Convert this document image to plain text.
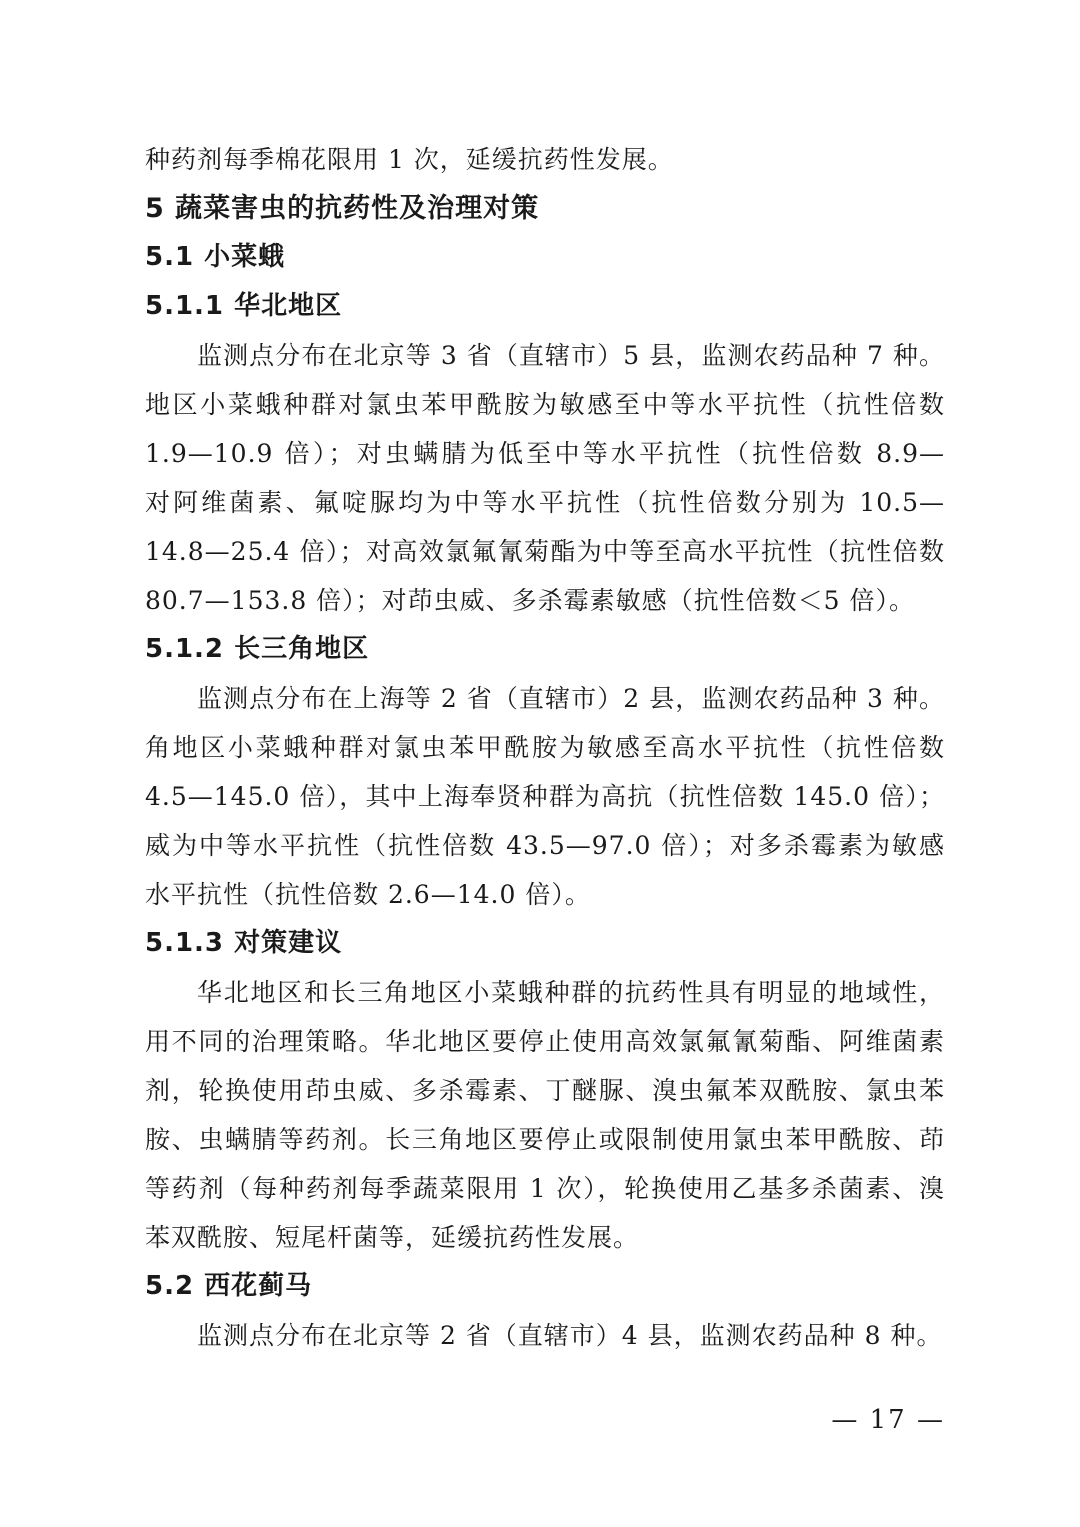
种药剂每季棉花限用 1 次，延缓抗药性发展。
5 蔬菜害虫的抗药性及治理对策
5.1 小菜蛾
5.1.1 华北地区
监测点分布在北京等 3 省（直辖市）5 县，监测农药品种 7 种。
地区小菜蛾种群对氯虫苯甲酰胺为敏感至中等水平抗性（抗性倍数
1.9—10.9 倍）；对虫螨腈为低至中等水平抗性（抗性倍数 8.9—
对阿维菌素、氟啶脲均为中等水平抗性（抗性倍数分别为 10.5—
14.8—25.4 倍）；对高效氯氟氰菊酯为中等至高水平抗性（抗性倍数
80.7—153.8 倍）；对茚虫威、多杀霉素敏感（抗性倍数＜5 倍）。
5.1.2 长三角地区
监测点分布在上海等 2 省（直辖市）2 县，监测农药品种 3 种。
角地区小菜蛾种群对氯虫苯甲酰胺为敏感至高水平抗性（抗性倍数
4.5—145.0 倍），其中上海奉贤种群为高抗（抗性倍数 145.0 倍）；
威为中等水平抗性（抗性倍数 43.5—97.0 倍）；对多杀霉素为敏感
水平抗性（抗性倍数 2.6—14.0 倍）。
5.1.3 对策建议
华北地区和长三角地区小菜蛾种群的抗药性具有明显的地域性，
用不同的治理策略。华北地区要停止使用高效氯氟氰菊酯、阿维菌素
剂，轮换使用茚虫威、多杀霉素、丁醚脲、溴虫氟苯双酰胺、氯虫苯
胺、虫螨腈等药剂。长三角地区要停止或限制使用氯虫苯甲酰胺、茚
等药剂（每种药剂每季蔬菜限用 1 次），轮换使用乙基多杀菌素、溴
苯双酰胺、短尾杆菌等，延缓抗药性发展。
5.2 西花蓟马
监测点分布在北京等 2 省（直辖市）4 县，监测农药品种 8 种。
— 17 —
